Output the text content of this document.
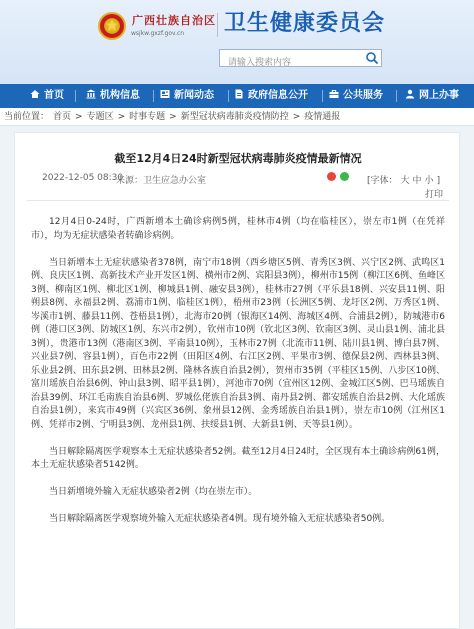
广西壮族自治区
wsjkw.gxzf.gov.cn 卫生健康委员会
请输入搜索内容
首页	机构信息	新闻动态	政府信息公开	公共服务	网上办事
当前位置： 首页 > 专题区 > 时事专题 > 新型冠状病毒肺炎疫情防控 > 疫情通报
截至12月4日24时新型冠状病毒肺炎疫情最新情况
2022-12-05 08:30
来源：卫生应急办公室	[字体： 大 中 小 ]
打印

12月4日0-24时，广西新增本土确诊病例5例，桂林市4例（均在临桂区），崇左市1例（在凭祥市），均为无症状感染者转确诊病例。

当日新增本土无症状感染者378例，南宁市18例（西乡塘区5例、青秀区3例、兴宁区2例、武鸣区1例、良庆区1例、高新技术产业开发区1例、横州市2例、宾阳县3例），柳州市15例（柳江区6例、鱼峰区3例、柳南区1例、柳北区1例、柳城县1例、融安县3例），桂林市27例（平乐县18例、兴安县11例、阳朔县8例、永福县2例、荔浦市1例、临桂区1例），梧州市23例（长洲区5例、龙圩区2例、万秀区1例、岑溪市1例、藤县11例、苍梧县1例），北海市20例（银海区14例、海城区4例、合浦县2例），防城港市6例（港口区3例、防城区1例、东兴市2例），钦州市10例（钦北区3例、钦南区3例、灵山县1例、浦北县3例），贵港市13例（港南区3例、平南县10例），玉林市27例（北流市11例、陆川县1例、博白县7例、兴业县7例、容县1例），百色市22例（田阳区4例、右江区2例、平果市3例、德保县2例、西林县3例、乐业县2例、田东县2例、田林县2例、隆林各族自治县2例），贺州市35例（平桂区15例、八步区10例、富川瑶族自治县6例、钟山县3例、昭平县1例），河池市70例（宜州区12例、金城江区5例、巴马瑶族自治县39例、环江毛南族自治县6例、罗城仫佬族自治县3例、南丹县2例、都安瑶族自治县2例、大化瑶族自治县1例），来宾市49例（兴宾区36例、象州县12例、金秀瑶族自治县1例），崇左市10例（江州区1例、凭祥市2例、宁明县3例、龙州县1例、扶绥县1例、大新县1例、天等县1例）。

当日解除隔离医学观察本土无症状感染者52例。截至12月4日24时，全区现有本土确诊病例61例，本土无症状感染者5142例。

当日新增境外输入无症状感染者2例（均在崇左市）。

当日解除隔离医学观察境外输入无症状感染者4例。现有境外输入无症状感染者50例。
